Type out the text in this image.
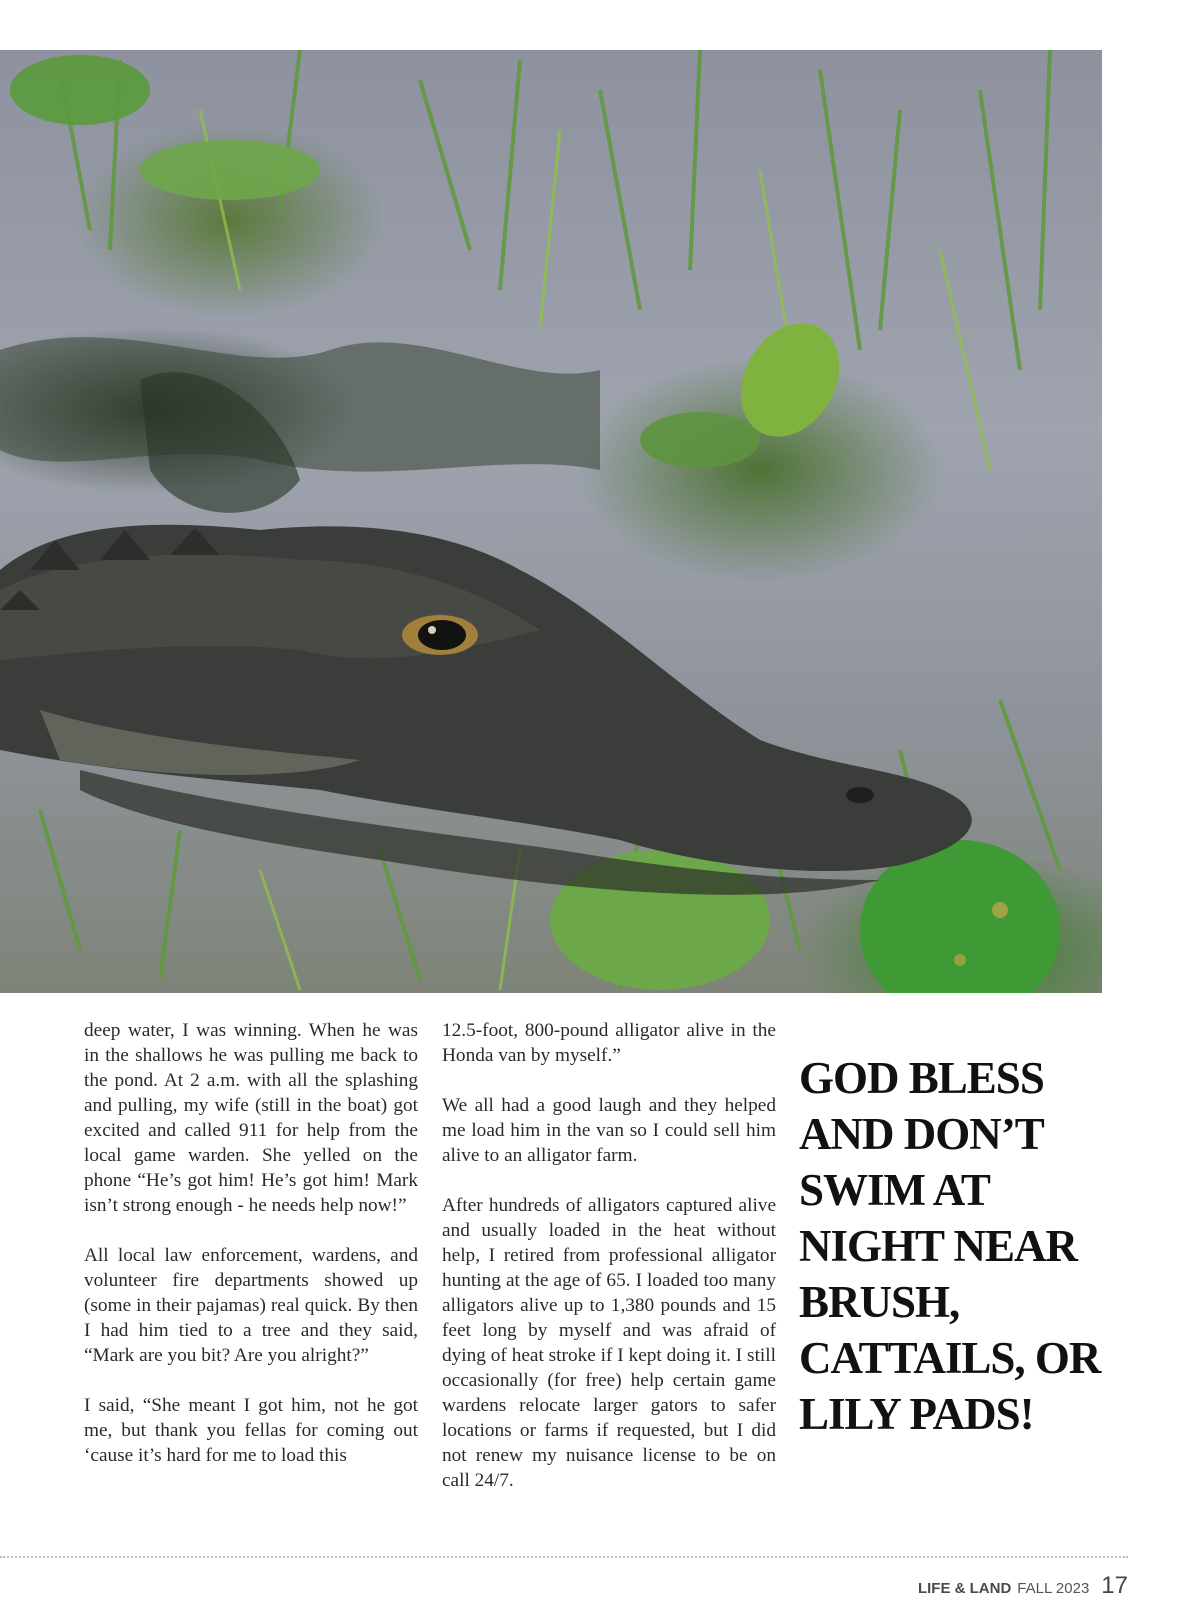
deep water, I was winning. When he was in the shallows he was pulling me back to the pond. At 2 a.m. with all the splashing and pulling, my wife (still in the boat) got excited and called 911 for help from the local game warden. She yelled on the phone “He’s got him! He’s got him! Mark isn’t strong enough - he needs help now!”

All local law enforcement, wardens, and volunteer fire departments showed up (some in their pajamas) real quick. By then I had him tied to a tree and they said, “Mark are you bit? Are you alright?”

I said, “She meant I got him, not he got me, but thank you fellas for coming out ‘cause it’s hard for me to load this

12.5-foot, 800-pound alligator alive in the Honda van by myself.”

We all had a good laugh and they helped me load him in the van so I could sell him alive to an alligator farm.

After hundreds of alligators captured alive and usually loaded in the heat without help, I retired from professional alligator hunting at the age of 65. I loaded too many alligators alive up to 1,380 pounds and 15 feet long by myself and was afraid of dying of heat stroke if I kept doing it. I still occasionally (for free) help certain game wardens relocate larger gators to safer locations or farms if requested, but I did not renew my nuisance license to be on call 24/7.

GOD BLESS
AND DON’T
SWIM AT
NIGHT NEAR
BRUSH,
CATTAILS, OR
LILY PADS!
LIFE & LAND FALL 2023 17
